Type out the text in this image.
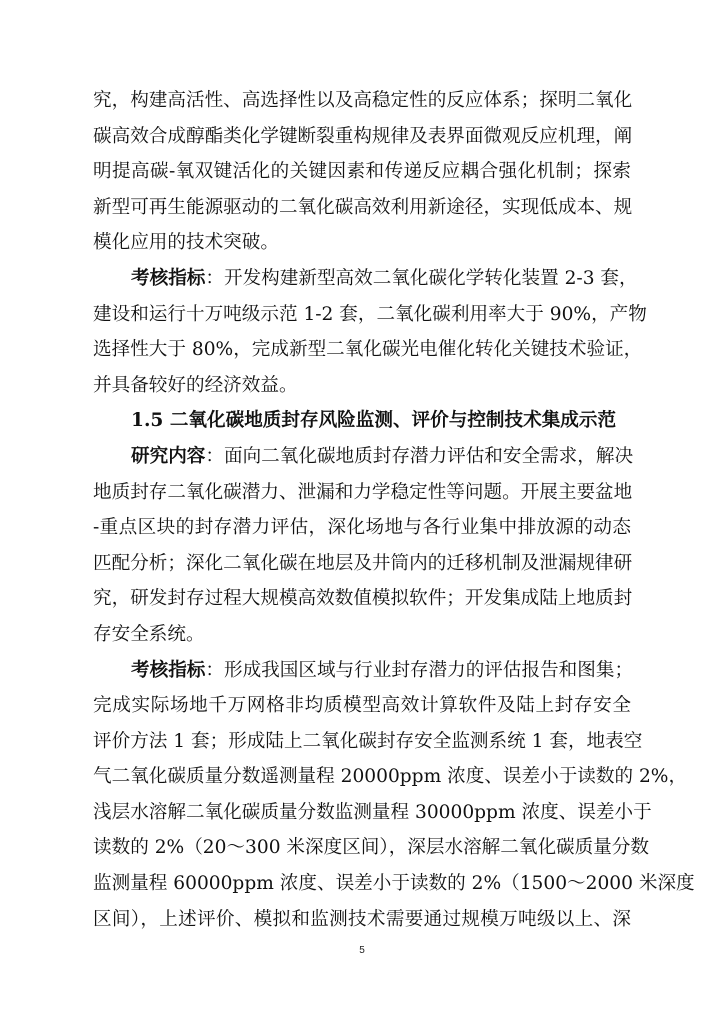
究，构建高活性、高选择性以及高稳定性的反应体系；探明二氧化
碳高效合成醇酯类化学键断裂重构规律及表界面微观反应机理，阐
明提高碳-氧双键活化的关键因素和传递反应耦合强化机制；探索
新型可再生能源驱动的二氧化碳高效利用新途径，实现低成本、规
模化应用的技术突破。
考核指标：开发构建新型高效二氧化碳化学转化装置 2-3 套，
建设和运行十万吨级示范 1-2 套，二氧化碳利用率大于 90%，产物
选择性大于 80%，完成新型二氧化碳光电催化转化关键技术验证，
并具备较好的经济效益。
1.5 二氧化碳地质封存风险监测、评价与控制技术集成示范
研究内容：面向二氧化碳地质封存潜力评估和安全需求，解决
地质封存二氧化碳潜力、泄漏和力学稳定性等问题。开展主要盆地
-重点区块的封存潜力评估，深化场地与各行业集中排放源的动态
匹配分析；深化二氧化碳在地层及井筒内的迁移机制及泄漏规律研
究，研发封存过程大规模高效数值模拟软件；开发集成陆上地质封
存安全系统。
考核指标：形成我国区域与行业封存潜力的评估报告和图集；
完成实际场地千万网格非均质模型高效计算软件及陆上封存安全
评价方法 1 套；形成陆上二氧化碳封存安全监测系统 1 套，地表空
气二氧化碳质量分数遥测量程 20000ppm 浓度、误差小于读数的 2%，
浅层水溶解二氧化碳质量分数监测量程 30000ppm 浓度、误差小于
读数的 2%（20～300 米深度区间），深层水溶解二氧化碳质量分数
监测量程 60000ppm 浓度、误差小于读数的 2%（1500～2000 米深度
区间），上述评价、模拟和监测技术需要通过规模万吨级以上、深
5
